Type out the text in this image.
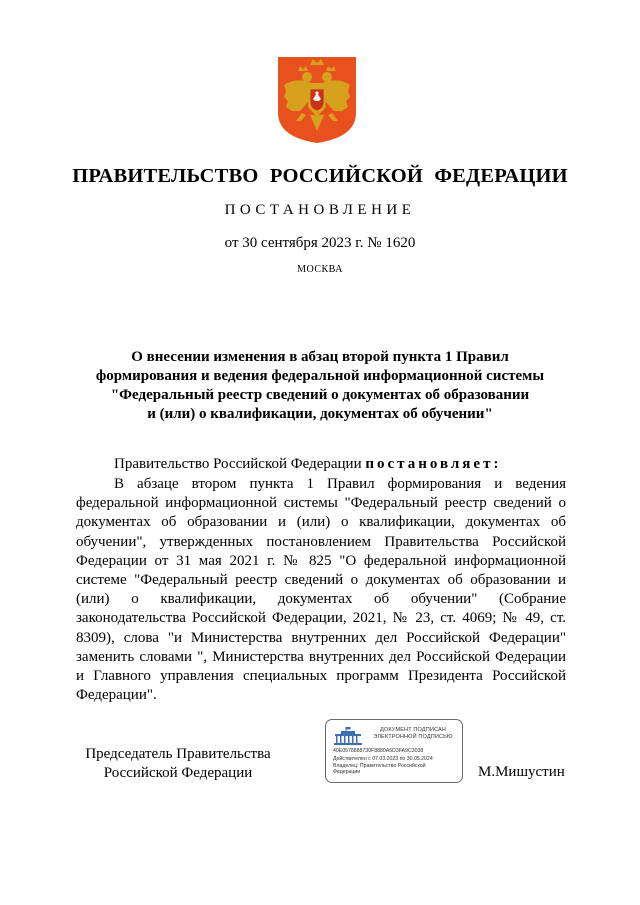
ПРАВИТЕЛЬСТВО РОССИЙСКОЙ ФЕДЕРАЦИИ
ПОСТАНОВЛЕНИЕ
от 30 сентября 2023 г. № 1620
МОСКВА
О внесении изменения в абзац второй пункта 1 Правил
формирования и ведения федеральной информационной системы
"Федеральный реестр сведений о документах об образовании
и (или) о квалификации, документах об обучении"
Правительство Российской Федерации постановляет:

В абзаце втором пункта 1 Правил формирования и ведения федеральной информационной системы "Федеральный реестр сведений о документах об образовании и (или) о квалификации, документах об обучении", утвержденных постановлением Правительства Российской Федерации от 31 мая 2021 г. № 825 "О федеральной информационной системе "Федеральный реестр сведений о документах об образовании и (или) о квалификации, документах об обучении" (Собрание законодательства Российской Федерации, 2021, № 23, ст. 4069; № 49, ст. 8309), слова "и Министерства внутренних дел Российской Федерации" заменить словами ", Министерства внутренних дел Российской Федерации и Главного управления специальных программ Президента Российской Федерации".

Председатель Правительства
Российской Федерации
ДОКУМЕНТ ПОДПИСАН
ЭЛЕКТРОННОЙ ПОДПИСЬЮ
40E0578888730F8880A6D3FA9C3038
Действителен с 07.03.2023 по 30.05.2024
Владелец: Правительство Российской
Федерации	М.Мишустин
